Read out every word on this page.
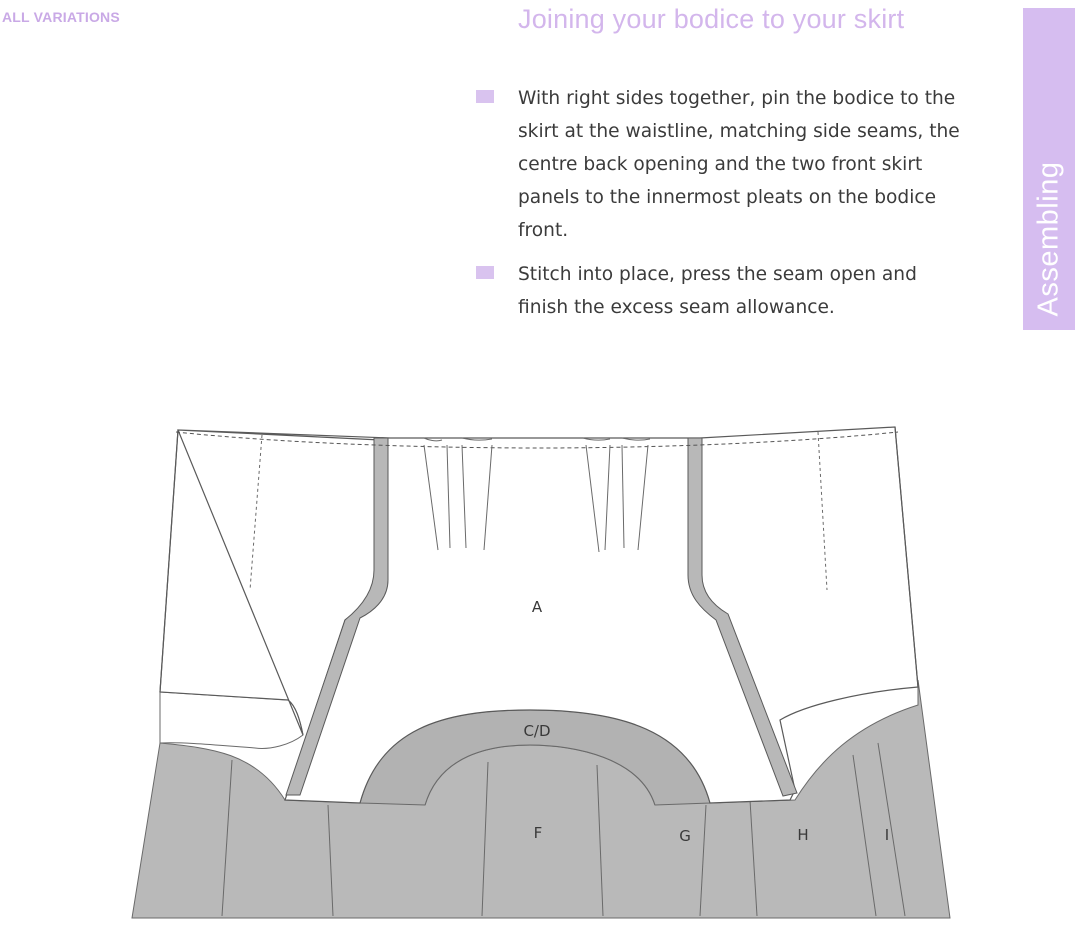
ALL VARIATIONS	Joining your bodice to your skirt
With right sides together, pin the bodice to the skirt at the waistline, matching side seams, the centre back opening and the two front skirt panels to the innermost pleats on the bodice front.
Stitch into place, press the seam open and finish the excess seam allowance.	Assembling
A
C/D
F	G	H	I
